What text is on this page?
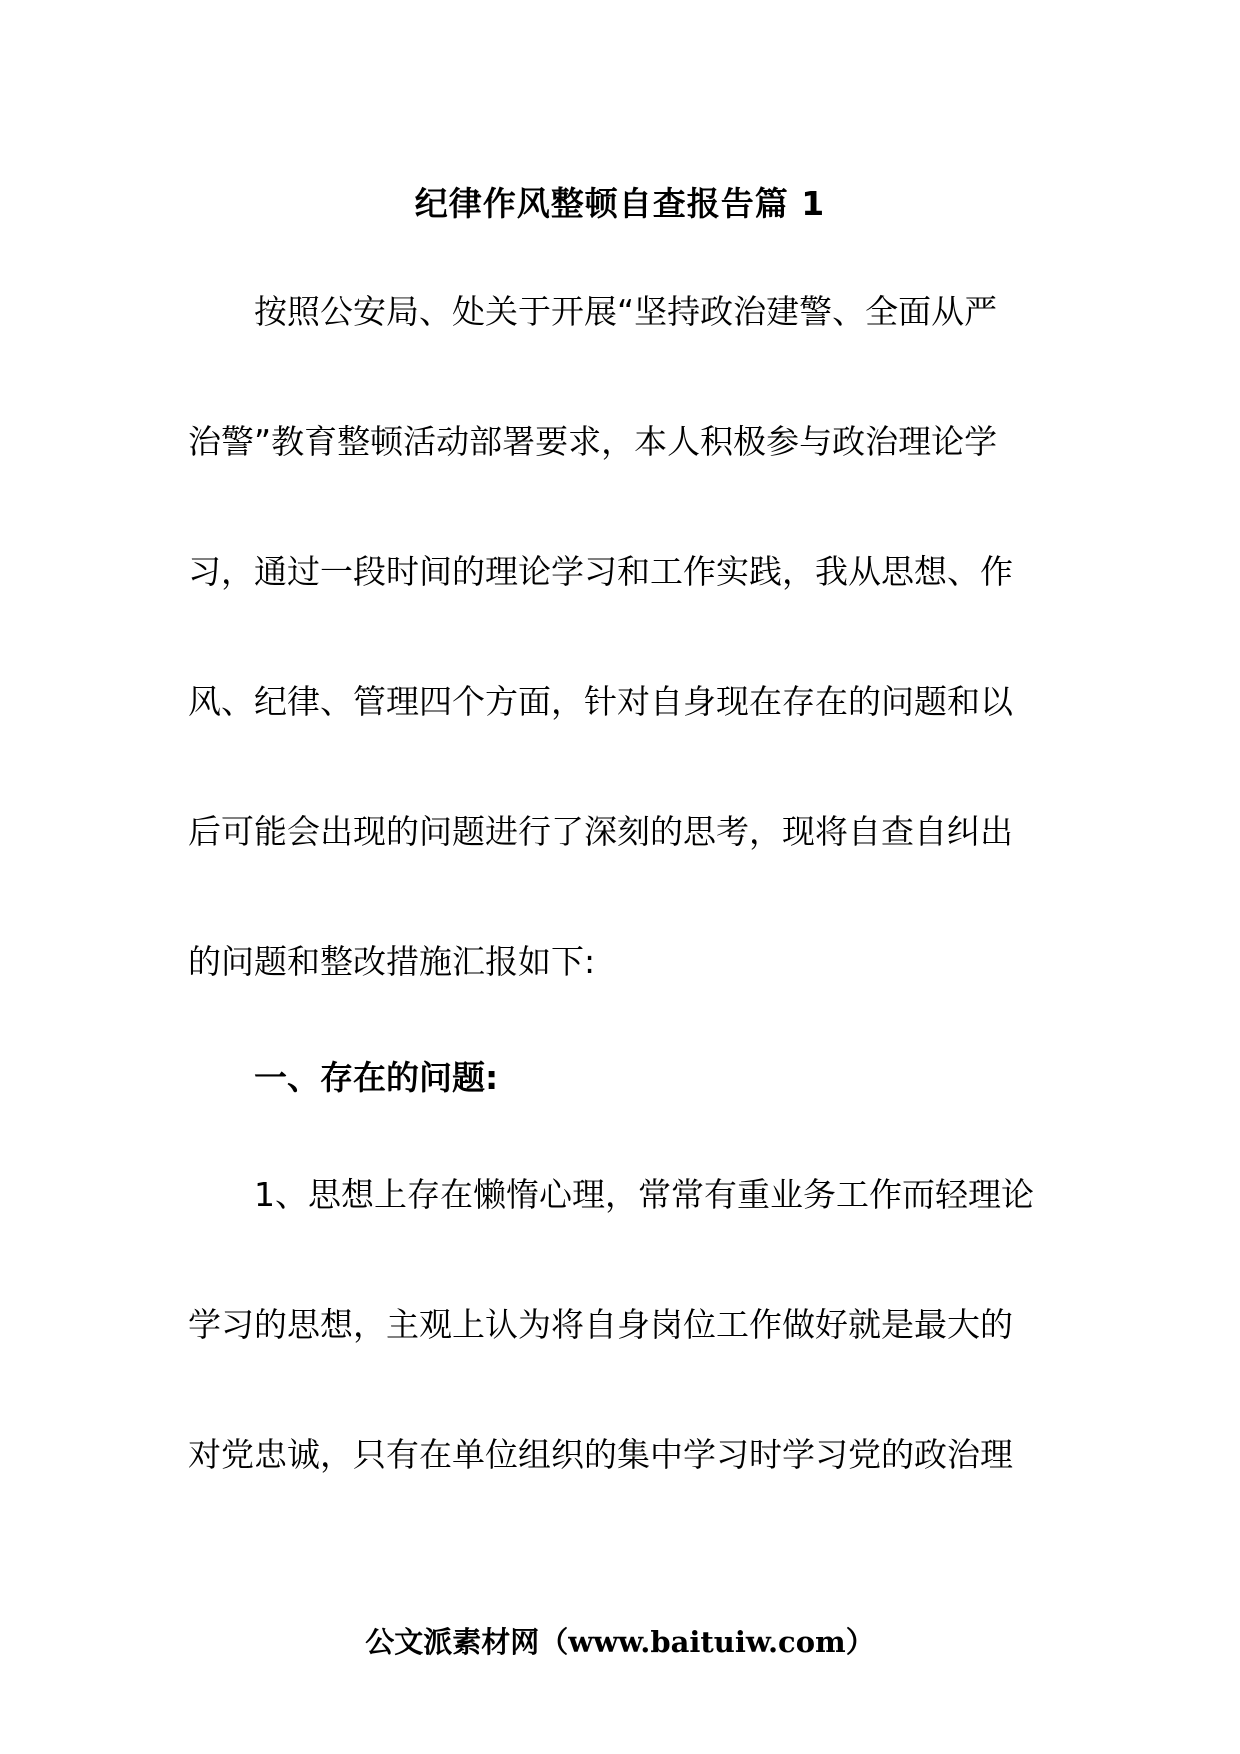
纪律作风整顿自查报告篇 1
按照公安局、处关于开展“坚持政治建警、全面从严
治警”教育整顿活动部署要求，本人积极参与政治理论学
习，通过一段时间的理论学习和工作实践，我从思想、作
风、纪律、管理四个方面，针对自身现在存在的问题和以
后可能会出现的问题进行了深刻的思考，现将自查自纠出
的问题和整改措施汇报如下:
一、存在的问题:
1、思想上存在懒惰心理，常常有重业务工作而轻理论
学习的思想，主观上认为将自身岗位工作做好就是最大的
对党忠诚，只有在单位组织的集中学习时学习党的政治理
公文派素材网（www.baituiw.com）
